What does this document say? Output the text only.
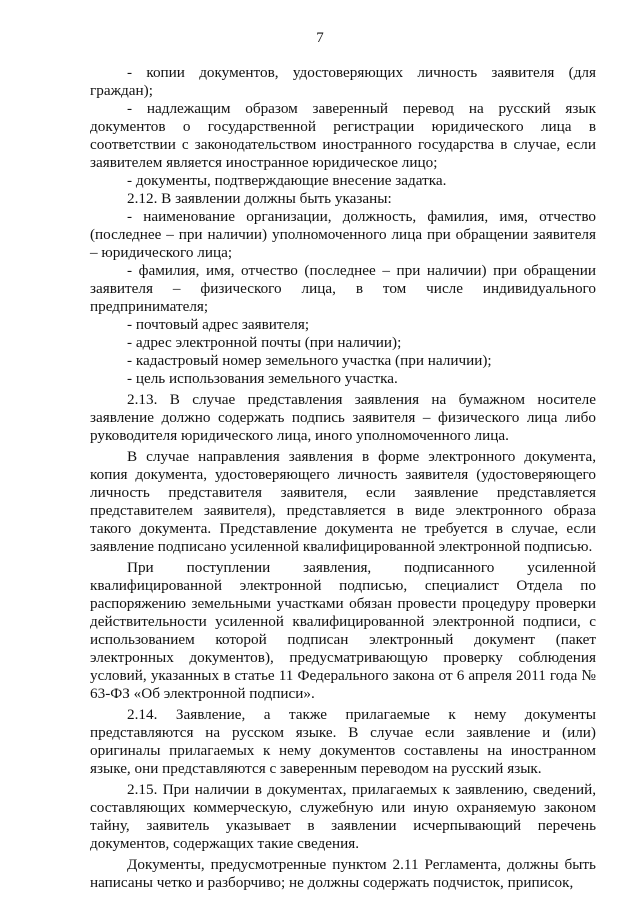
7

- копии документов, удостоверяющих личность заявителя (для граждан);

- надлежащим образом заверенный перевод на русский язык документов о государственной регистрации юридического лица в соответствии с законодательством иностранного государства в случае, если заявителем является иностранное юридическое лицо;

- документы, подтверждающие внесение задатка.

2.12. В заявлении должны быть указаны:

- наименование организации, должность, фамилия, имя, отчество (последнее – при наличии) уполномоченного лица при обращении заявителя – юридического лица;

- фамилия, имя, отчество (последнее – при наличии) при обращении заявителя – физического лица, в том числе индивидуального предпринимателя;

- почтовый адрес заявителя;

- адрес электронной почты (при наличии);

- кадастровый номер земельного участка (при наличии);

- цель использования земельного участка.

2.13. В случае представления заявления на бумажном носителе заявление должно содержать подпись заявителя – физического лица либо руководителя юридического лица, иного уполномоченного лица.

В случае направления заявления в форме электронного документа, копия документа, удостоверяющего личность заявителя (удостоверяющего личность представителя заявителя, если заявление представляется представителем заявителя), представляется в виде электронного образа такого документа. Представление документа не требуется в случае, если заявление подписано усиленной квалифицированной электронной подписью.

При поступлении заявления, подписанного усиленной квалифицированной электронной подписью, специалист Отдела по распоряжению земельными участками обязан провести процедуру проверки действительности усиленной квалифицированной электронной подписи, с использованием которой подписан электронный документ (пакет электронных документов), предусматривающую проверку соблюдения условий, указанных в статье 11 Федерального закона от 6 апреля 2011 года № 63-ФЗ «Об электронной подписи».

2.14. Заявление, а также прилагаемые к нему документы представляются на русском языке. В случае если заявление и (или) оригиналы прилагаемых к нему документов составлены на иностранном языке, они представляются с заверенным переводом на русский язык.

2.15. При наличии в документах, прилагаемых к заявлению, сведений, составляющих коммерческую, служебную или иную охраняемую законом тайну, заявитель указывает в заявлении исчерпывающий перечень документов, содержащих такие сведения.

Документы, предусмотренные пунктом 2.11 Регламента, должны быть написаны четко и разборчиво; не должны содержать подчисток, приписок,
